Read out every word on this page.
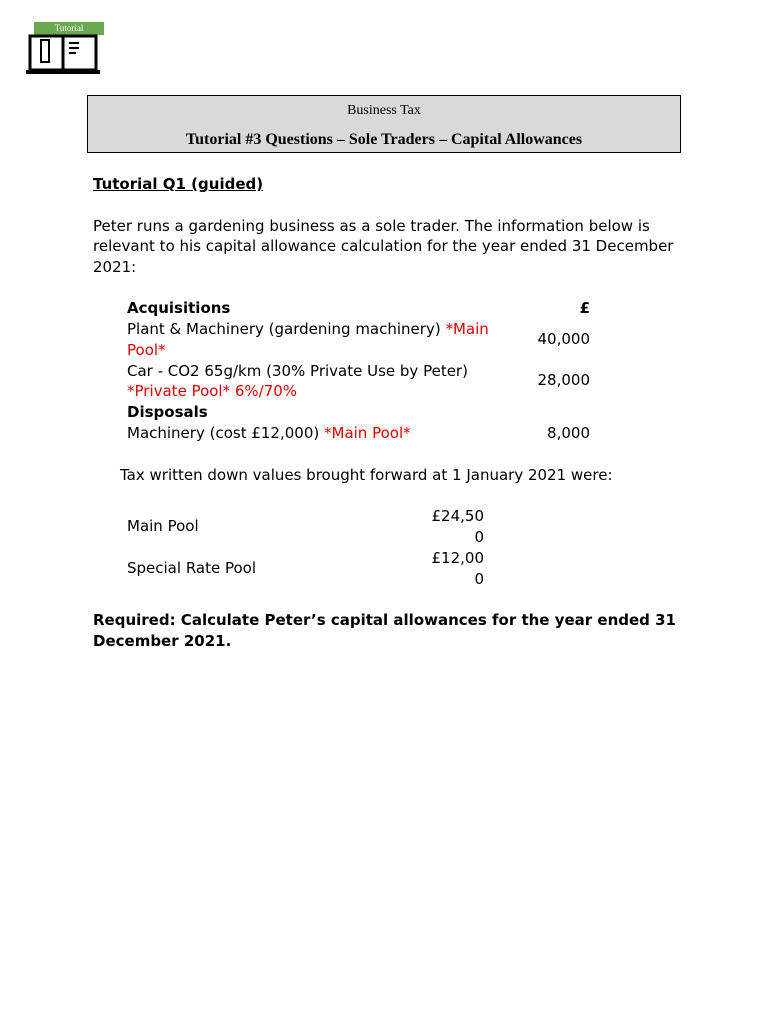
Tutorial
Business Tax
Tutorial #3 Questions – Sole Traders – Capital Allowances
Tutorial Q1 (guided)
Peter runs a gardening business as a sole trader. The information below is
relevant to his capital allowance calculation for the year ended 31 December
2021:
Acquisitions	£
Plant & Machinery (gardening machinery) *Main
Pool*
40,000
Car - CO2 65g/km (30% Private Use by Peter)
*Private Pool* 6%/70%
28,000
Disposals
Machinery (cost £12,000) *Main Pool*	8,000
Tax written down values brought forward at 1 January 2021 were:
Main Pool
£24,50
0
Special Rate Pool
£12,00
0
Required: Calculate Peter’s capital allowances for the year ended 31
December 2021.
